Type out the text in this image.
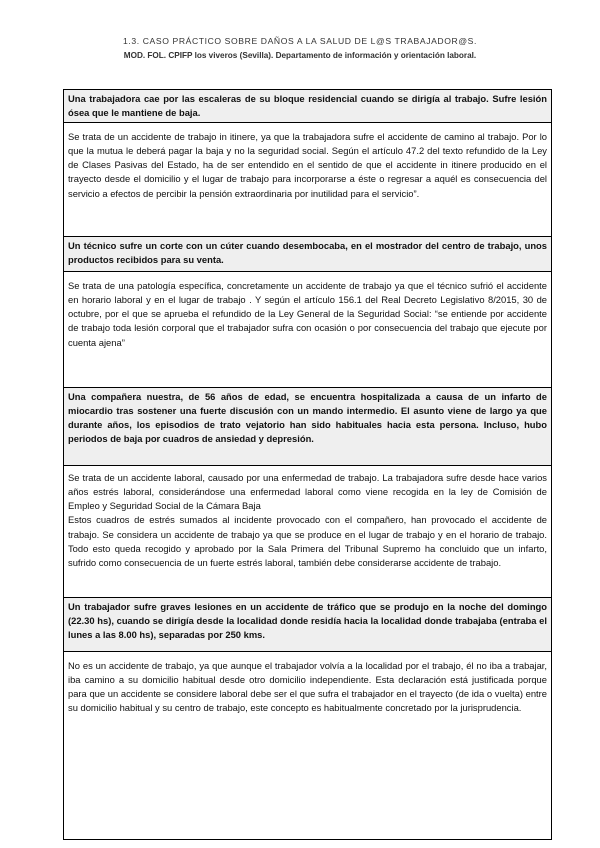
1.3. CASO PRÁCTICO SOBRE DAÑOS A LA SALUD DE L@S TRABAJADOR@S.
MOD. FOL. CPIFP los viveros (Sevilla). Departamento de información y orientación laboral.
Una trabajadora cae por las escaleras de su bloque residencial cuando se dirigía al trabajo. Sufre lesión ósea que le mantiene de baja.

Se trata de un accidente de trabajo in itinere, ya que la trabajadora sufre el accidente de camino al trabajo. Por lo que la mutua le deberá pagar la baja y no la seguridad social. Según el artículo 47.2 del texto refundido de la Ley de Clases Pasivas del Estado, ha de ser entendido en el sentido de que el accidente in itinere producido en el trayecto desde el domicilio y el lugar de trabajo para incorporarse a éste o regresar a aquél es consecuencia del servicio a efectos de percibir la pensión extraordinaria por inutilidad para el servicio”.

Un técnico sufre un corte con un cúter cuando desembocaba, en el mostrador del centro de trabajo, unos productos recibidos para su venta.

Se trata de una patología específica, concretamente un accidente de trabajo ya que el técnico sufrió el accidente en horario laboral y en el lugar de trabajo . Y según el artículo 156.1 del Real Decreto Legislativo 8/2015, 30 de octubre, por el que se aprueba el refundido de la Ley General de la Seguridad Social: “se entiende por accidente de trabajo toda lesión corporal que el trabajador sufra con ocasión o por consecuencia del trabajo que ejecute por cuenta ajena”

Una compañera nuestra, de 56 años de edad, se encuentra hospitalizada a causa de un infarto de miocardio tras sostener una fuerte discusión con un mando intermedio. El asunto viene de largo ya que durante años, los episodios de trato vejatorio han sido habituales hacia esta persona. Incluso, hubo periodos de baja por cuadros de ansiedad y depresión.

Se trata de un accidente laboral, causado por una enfermedad de trabajo. La trabajadora sufre desde hace varios años estrés laboral, considerándose una enfermedad laboral como viene recogida en la ley de Comisión de Empleo y Seguridad Social de la Cámara Baja

Estos cuadros de estrés sumados al incidente provocado con el compañero, han provocado el accidente de trabajo. Se considera un accidente de trabajo ya que se produce en el lugar de trabajo y en el horario de trabajo. Todo esto queda recogido y aprobado por la Sala Primera del Tribunal Supremo ha concluido que un infarto, sufrido como consecuencia de un fuerte estrés laboral, también debe considerarse accidente de trabajo.

Un trabajador sufre graves lesiones en un accidente de tráfico que se produjo en la noche del domingo (22.30 hs), cuando se dirigía desde la localidad donde residía hacia la localidad donde trabajaba (entraba el lunes a las 8.00 hs), separadas por 250 kms.

No es un accidente de trabajo, ya que aunque el trabajador volvía a la localidad por el trabajo, él no iba a trabajar, iba camino a su domicilio habitual desde otro domicilio independiente. Esta declaración está justificada porque para que un accidente se considere laboral debe ser el que sufra el trabajador en el trayecto (de ida o vuelta) entre su domicilio habitual y su centro de trabajo, este concepto es habitualmente concretado por la jurisprudencia.
